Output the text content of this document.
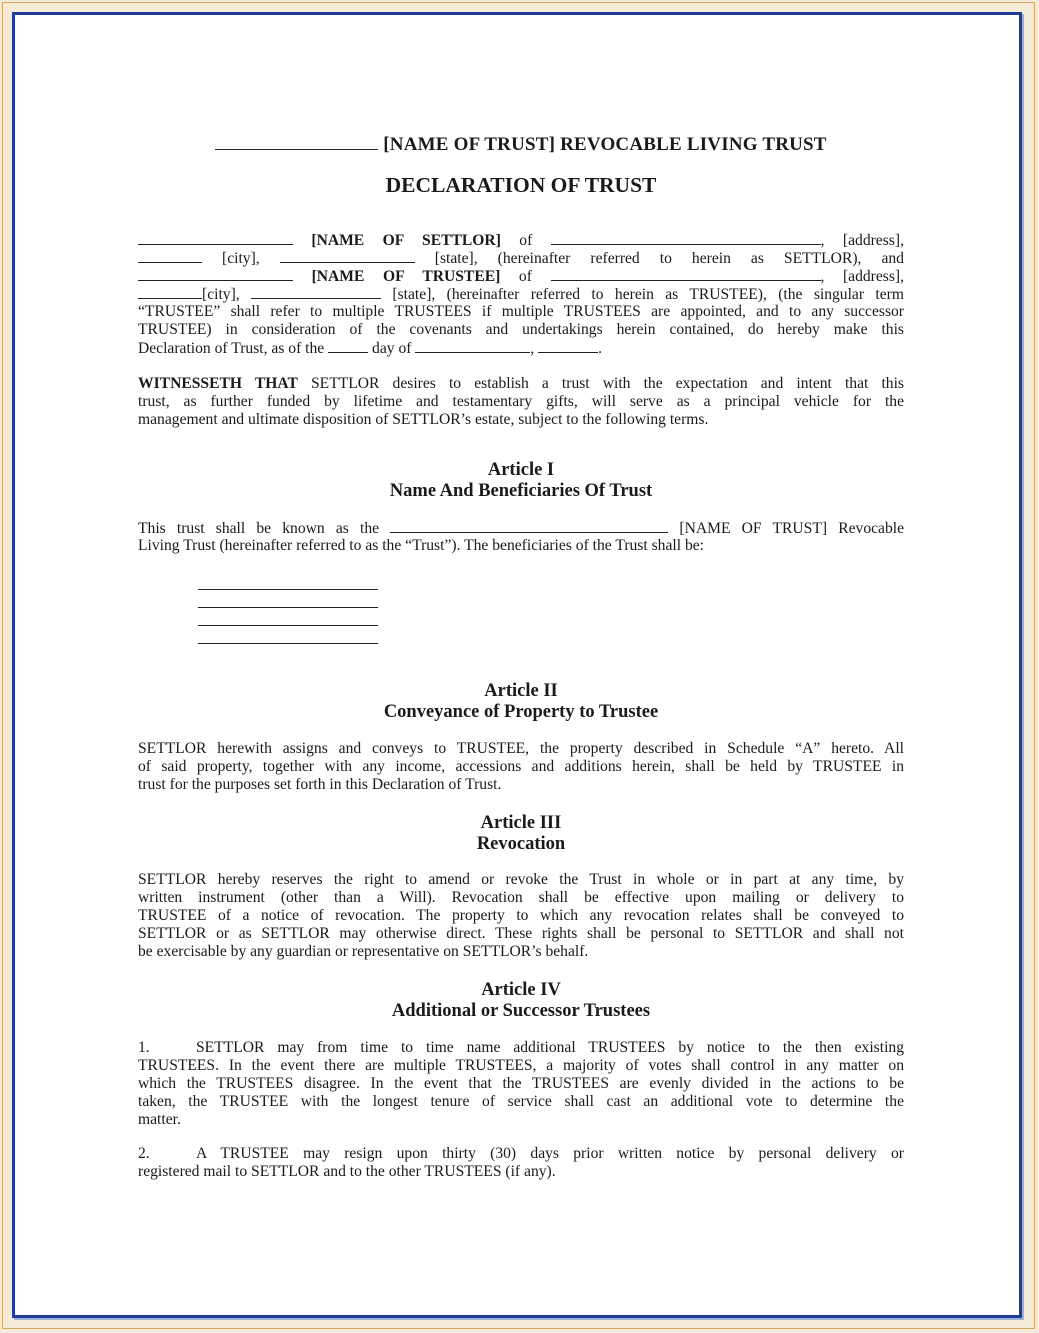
[NAME OF TRUST] REVOCABLE LIVING TRUST
DECLARATION OF TRUST
[NAME OF SETTLOR] of	, [address],
[city],	[state], (hereinafter referred to herein as SETTLOR), and
[NAME OF TRUSTEE] of	, [address],
[city],	[state], (hereinafter referred to herein as TRUSTEE), (the singular term
“TRUSTEE” shall refer to multiple TRUSTEES if multiple TRUSTEES are appointed, and to any successor
TRUSTEE) in consideration of the covenants and undertakings herein contained, do hereby make this
Declaration of Trust, as of the	day of	,	.
WITNESSETH THAT SETTLOR desires to establish a trust with the expectation and intent that this
trust, as further funded by lifetime and testamentary gifts, will serve as a principal vehicle for the
management and ultimate disposition of SETTLOR’s estate, subject to the following terms.
Article I
Name And Beneficiaries Of Trust
This trust shall be known as the	[NAME OF TRUST] Revocable
Living Trust (hereinafter referred to as the “Trust”). The beneficiaries of the Trust shall be:
Article II
Conveyance of Property to Trustee
SETTLOR herewith assigns and conveys to TRUSTEE, the property described in Schedule “A” hereto. All
of said property, together with any income, accessions and additions herein, shall be held by TRUSTEE in
trust for the purposes set forth in this Declaration of Trust.
Article III
Revocation
SETTLOR hereby reserves the right to amend or revoke the Trust in whole or in part at any time, by
written instrument (other than a Will). Revocation shall be effective upon mailing or delivery to
TRUSTEE of a notice of revocation. The property to which any revocation relates shall be conveyed to
SETTLOR or as SETTLOR may otherwise direct. These rights shall be personal to SETTLOR and shall not
be exercisable by any guardian or representative on SETTLOR’s behalf.
Article IV
Additional or Successor Trustees
1.	SETTLOR may from time to time name additional TRUSTEES by notice to the then existing
TRUSTEES. In the event there are multiple TRUSTEES, a majority of votes shall control in any matter on
which the TRUSTEES disagree. In the event that the TRUSTEES are evenly divided in the actions to be
taken, the TRUSTEE with the longest tenure of service shall cast an additional vote to determine the
matter.
2.	A TRUSTEE may resign upon thirty (30) days prior written notice by personal delivery or
registered mail to SETTLOR and to the other TRUSTEES (if any).
